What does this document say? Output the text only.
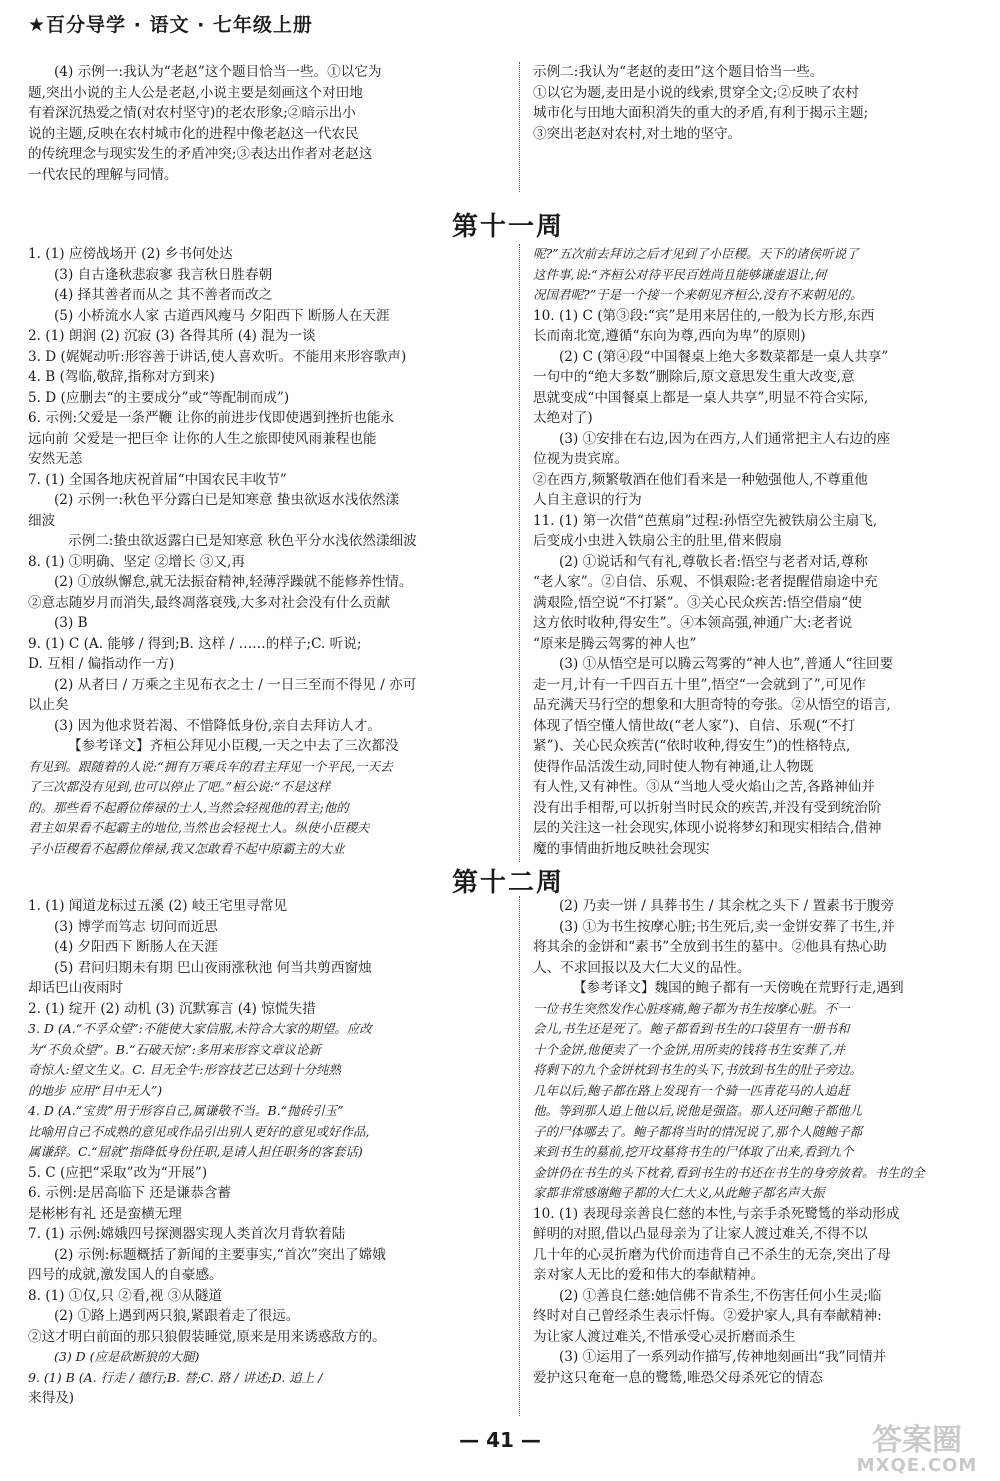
★百分导学 · 语文 · 七年级上册
(4) 示例一:我认为“老赵”这个题目恰当一些。①以它为
题,突出小说的主人公是老赵,小说主要是刻画这个对田地
有着深沉热爱之情(对农村坚守)的老农形象;②暗示出小
说的主题,反映在农村城市化的进程中像老赵这一代农民
的传统理念与现实发生的矛盾冲突;③表达出作者对老赵这
一代农民的理解与同情。
示例二:我认为“老赵的麦田”这个题目恰当一些。
①以它为题,麦田是小说的线索,贯穿全文;②反映了农村
城市化与田地大面积消失的重大的矛盾,有利于揭示主题;
③突出老赵对农村,对土地的坚守。
第十一周
1. (1) 应傍战场开 (2) 乡书何处达
(3) 自古逢秋悲寂寥 我言秋日胜春朝
(4) 择其善者而从之 其不善者而改之
(5) 小桥流水人家 古道西风瘦马 夕阳西下 断肠人在天涯
2. (1) 朗润 (2) 沉寂 (3) 各得其所 (4) 混为一谈
3. D (娓娓动听:形容善于讲话,使人喜欢听。不能用来形容歌声)
4. B (驾临,敬辞,指称对方到来)
5. D (应删去“的主要成分”或“等配制而成”)
6. 示例:父爱是一条严鞭 让你的前进步伐即使遇到挫折也能永
远向前 父爱是一把巨伞 让你的人生之旅即使风雨兼程也能
安然无恙
7. (1) 全国各地庆祝首届“中国农民丰收节”
(2) 示例一:秋色平分露白已是知寒意 蛰虫欲返水浅依然漾
细波
示例二:蛰虫欲返露白已是知寒意 秋色平分水浅依然漾细波
8. (1) ①明确、坚定 ②增长 ③又,再
(2) ①放纵懈怠,就无法振奋精神,轻薄浮躁就不能修养性情。
②意志随岁月而消失,最终凋落衰残,大多对社会没有什么贡献
(3) B
9. (1) C (A. 能够 / 得到;B. 这样 / ……的样子;C. 听说;
D. 互相 / 偏指动作一方)
(2) 从者曰 / 万乘之主见布衣之士 / 一日三至而不得见 / 亦可
以止矣
(3) 因为他求贤若渴、不惜降低身份,亲自去拜访人才。
【参考译文】齐桓公拜见小臣稷,一天之中去了三次都没
有见到。跟随着的人说:“拥有万乘兵车的君主拜见一个平民,一天去
了三次都没有见到,也可以停止了吧。”桓公说:“不是这样
的。那些看不起爵位俸禄的士人,当然会轻视他的君主;他的
君主如果看不起霸主的地位,当然也会轻视士人。纵使小臣稷夫
子小臣稷看不起爵位俸禄,我又怎敢看不起中原霸主的大业
呢?”五次前去拜访之后才见到了小臣稷。天下的诸侯听说了
这件事,说:“齐桓公对待平民百姓尚且能够谦虚退让,何
况国君呢?”于是一个接一个来朝见齐桓公,没有不来朝见的。
10. (1) C (第③段:“宾”是用来居住的,一般为长方形,东西
长而南北宽,遵循“东向为尊,西向为卑”的原则)
(2) C (第④段“中国餐桌上绝大多数菜都是一桌人共享”
一句中的“绝大多数”删除后,原文意思发生重大改变,意
思就变成“中国餐桌上都是一桌人共享”,明显不符合实际,
太绝对了)
(3) ①安排在右边,因为在西方,人们通常把主人右边的座
位视为贵宾席。
②在西方,频繁敬酒在他们看来是一种勉强他人,不尊重他
人自主意识的行为
11. (1) 第一次借“芭蕉扇”过程:孙悟空先被铁扇公主扇飞,
后变成小虫进入铁扇公主的肚里,借来假扇
(2) ①说话和气有礼,尊敬长者:悟空与老者对话,尊称
“老人家”。②自信、乐观、不惧艰险:老者提醒借扇途中充
满艰险,悟空说“不打紧”。③关心民众疾苦:悟空借扇“使
这方依时收种,得安生”。④本领高强,神通广大:老者说
“原来是腾云驾雾的神人也”
(3) ①从悟空是可以腾云驾雾的“神人也”,普通人“往回要
走一月,计有一千四百五十里”,悟空“一会就到了”,可见作
品充满天马行空的想象和大胆奇特的夸张。②从悟空的语言,
体现了悟空懂人情世故(“老人家”)、自信、乐观(“不打
紧”)、关心民众疾苦(“依时收种,得安生”)的性格特点,
使得作品活泼生动,同时使人物有神通,让人物既
有人性,又有神性。③从“当地人受火焰山之苦,各路神仙并
没有出手相帮,可以折射当时民众的疾苦,并没有受到统治阶
层的关注这一社会现实,体现小说将梦幻和现实相结合,借神
魔的事情曲折地反映社会现实
第十二周
1. (1) 闻道龙标过五溪 (2) 岐王宅里寻常见
(3) 博学而笃志 切问而近思
(4) 夕阳西下 断肠人在天涯
(5) 君问归期未有期 巴山夜雨涨秋池 何当共剪西窗烛
却话巴山夜雨时
2. (1) 绽开 (2) 动机 (3) 沉默寡言 (4) 惊慌失措
3. D (A.“不孚众望”:不能使大家信服,未符合大家的期望。应改
为“不负众望”。B.“石破天惊”:多用来形容文章议论新
奇惊人:望文生义。C. 目无全牛:形容技艺已达到十分纯熟
的地步 应用“目中无人”)
4. D (A.“宝贵”用于形容自己,属谦敬不当。B.“抛砖引玉”
比喻用自己不成熟的意见或作品引出别人更好的意见或好作品,
属谦辞。C.“屈就”指降低身份任职,是请人担任职务的客套话)
5. C (应把“采取”改为“开展”)
6. 示例:是居高临下 还是谦恭含蓄
是彬彬有礼 还是蛮横无理
7. (1) 示例:嫦娥四号探测器实现人类首次月背软着陆
(2) 示例:标题概括了新闻的主要事实,“首次”突出了嫦娥
四号的成就,激发国人的自豪感。
8. (1) ①仅,只 ②看,视 ③从隧道
(2) ①路上遇到两只狼,紧跟着走了很远。
②这才明白前面的那只狼假装睡觉,原来是用来诱惑敌方的。
(3) D (应是砍断狼的大腿)
9. (1) B (A. 行走 / 德行;B. 替;C. 路 / 讲述;D. 追上 /
来得及)
(2) 乃卖一饼 / 具葬书生 / 其余枕之头下 / 置素书于腹旁
(3) ①为书生按摩心脏;书生死后,卖一金饼安葬了书生,并
将其余的金饼和“素书”全放到书生的墓中。②他具有热心助
人、不求回报以及大仁大义的品性。
【参考译文】魏国的鲍子都有一天傍晚在荒野行走,遇到
一位书生突然发作心脏疼痛,鲍子都为书生按摩心脏。不一
会儿,书生还是死了。鲍子都看到书生的口袋里有一册书和
十个金饼,他便卖了一个金饼,用所卖的钱将书生安葬了,并
将剩下的九个金饼枕到书生的头下,书放到书生的肚子旁边。
几年以后,鲍子都在路上发现有一个骑一匹青花马的人追赶
他。等到那人追上他以后,说他是强盗。那人还问鲍子都他儿
子的尸体哪去了。鲍子都将当时的情况说了,那个人随鲍子都
来到书生的墓前,挖开坟墓将书生的尸体取了出来,看到九个
金饼仍在书生的头下枕着,看到书生的书还在书生的身旁放着。书生的全
家都非常感谢鲍子都的大仁大义,从此鲍子都名声大振
10. (1) 表现母亲善良仁慈的本性,与亲手杀死鹭鸶的举动形成
鲜明的对照,借以凸显母亲为了让家人渡过难关,不得不以
几十年的心灵折磨为代价而违背自己不杀生的无奈,突出了母
亲对家人无比的爱和伟大的奉献精神。
(2) ①善良仁慈:她信佛不肯杀生,不伤害任何小生灵;临
终时对自己曾经杀生表示忏悔。②爱护家人,具有奉献精神:
为让家人渡过难关,不惜承受心灵折磨而杀生
(3) ①运用了一系列动作描写,传神地刻画出“我”同情并
爱护这只奄奄一息的鹭鸶,唯恐父母杀死它的情态
— 41 —	答案圈
MXQE.COM
